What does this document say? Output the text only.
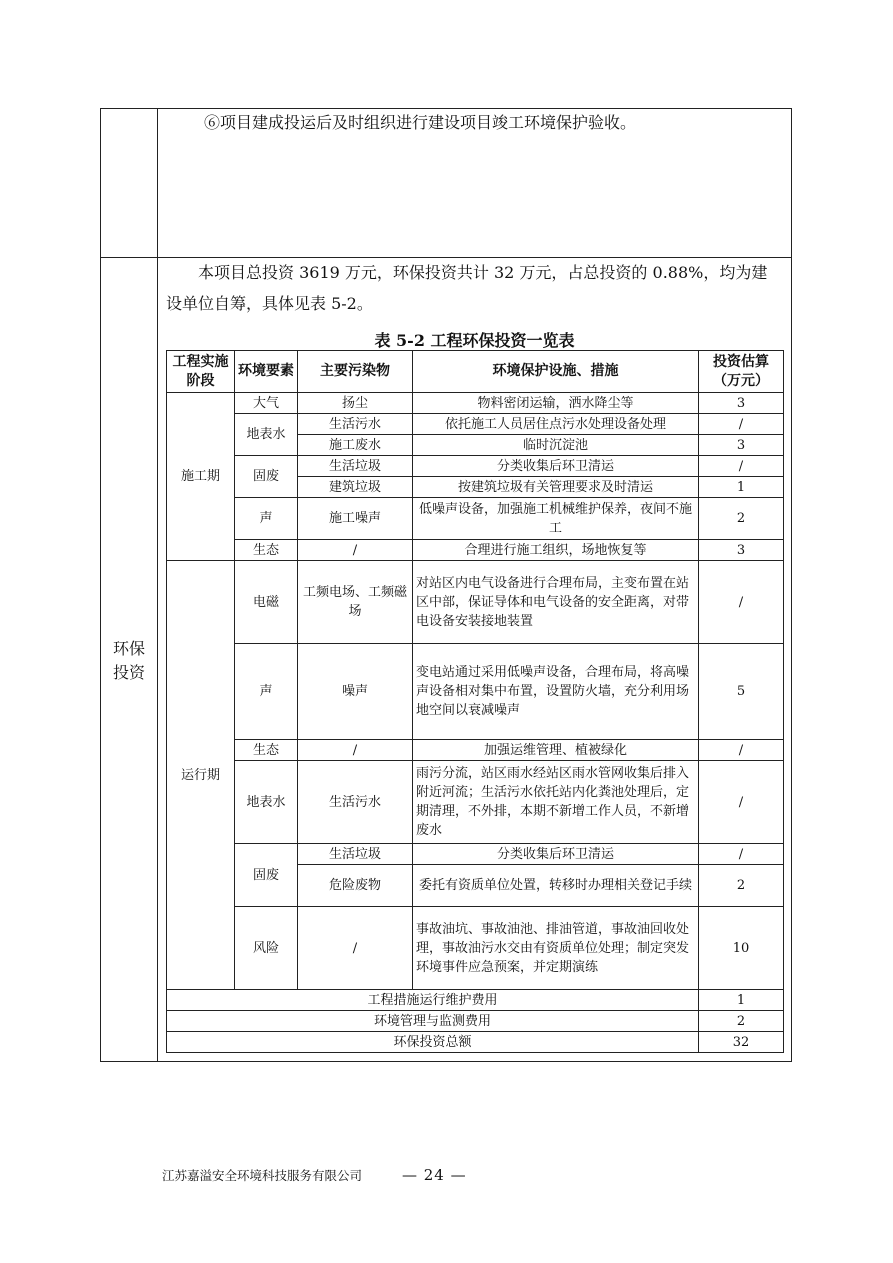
环保投资
⑥项目建成投运后及时组织进行建设项目竣工环境保护验收。
本项目总投资 3619 万元，环保投资共计 32 万元，占总投资的 0.88%，均为建设单位自筹，具体见表 5-2。
表 5-2 工程环保投资一览表
工程实施阶段	环境要素	主要污染物	环境保护设施、措施	投资估算（万元）
施工期	大气	扬尘	物料密闭运输，洒水降尘等	3
	地表水	生活污水	依托施工人员居住点污水处理设备处理	/
		施工废水	临时沉淀池	3
	固废	生活垃圾	分类收集后环卫清运	/
		建筑垃圾	按建筑垃圾有关管理要求及时清运	1
	声	施工噪声	低噪声设备，加强施工机械维护保养，夜间不施工	2
	生态	/	合理进行施工组织，场地恢复等	3
运行期	电磁	工频电场、工频磁场	对站区内电气设备进行合理布局，主变布置在站区中部，保证导体和电气设备的安全距离，对带电设备安装接地装置	/
	声	噪声	变电站通过采用低噪声设备，合理布局，将高噪声设备相对集中布置，设置防火墙，充分利用场地空间以衰减噪声	5
	生态	/	加强运维管理、植被绿化	/
	地表水	生活污水	雨污分流，站区雨水经站区雨水管网收集后排入附近河流；生活污水依托站内化粪池处理后，定期清理，不外排，本期不新增工作人员，不新增废水	/
	固废	生活垃圾	分类收集后环卫清运	/
		危险废物	委托有资质单位处置，转移时办理相关登记手续	2
	风险	/	事故油坑、事故油池、排油管道，事故油回收处理，事故油污水交由有资质单位处理；制定突发环境事件应急预案，并定期演练	10
工程措施运行维护费用				1
环境管理与监测费用				2
环保投资总额				32
江苏嘉溢安全环境科技服务有限公司	— 24 —
